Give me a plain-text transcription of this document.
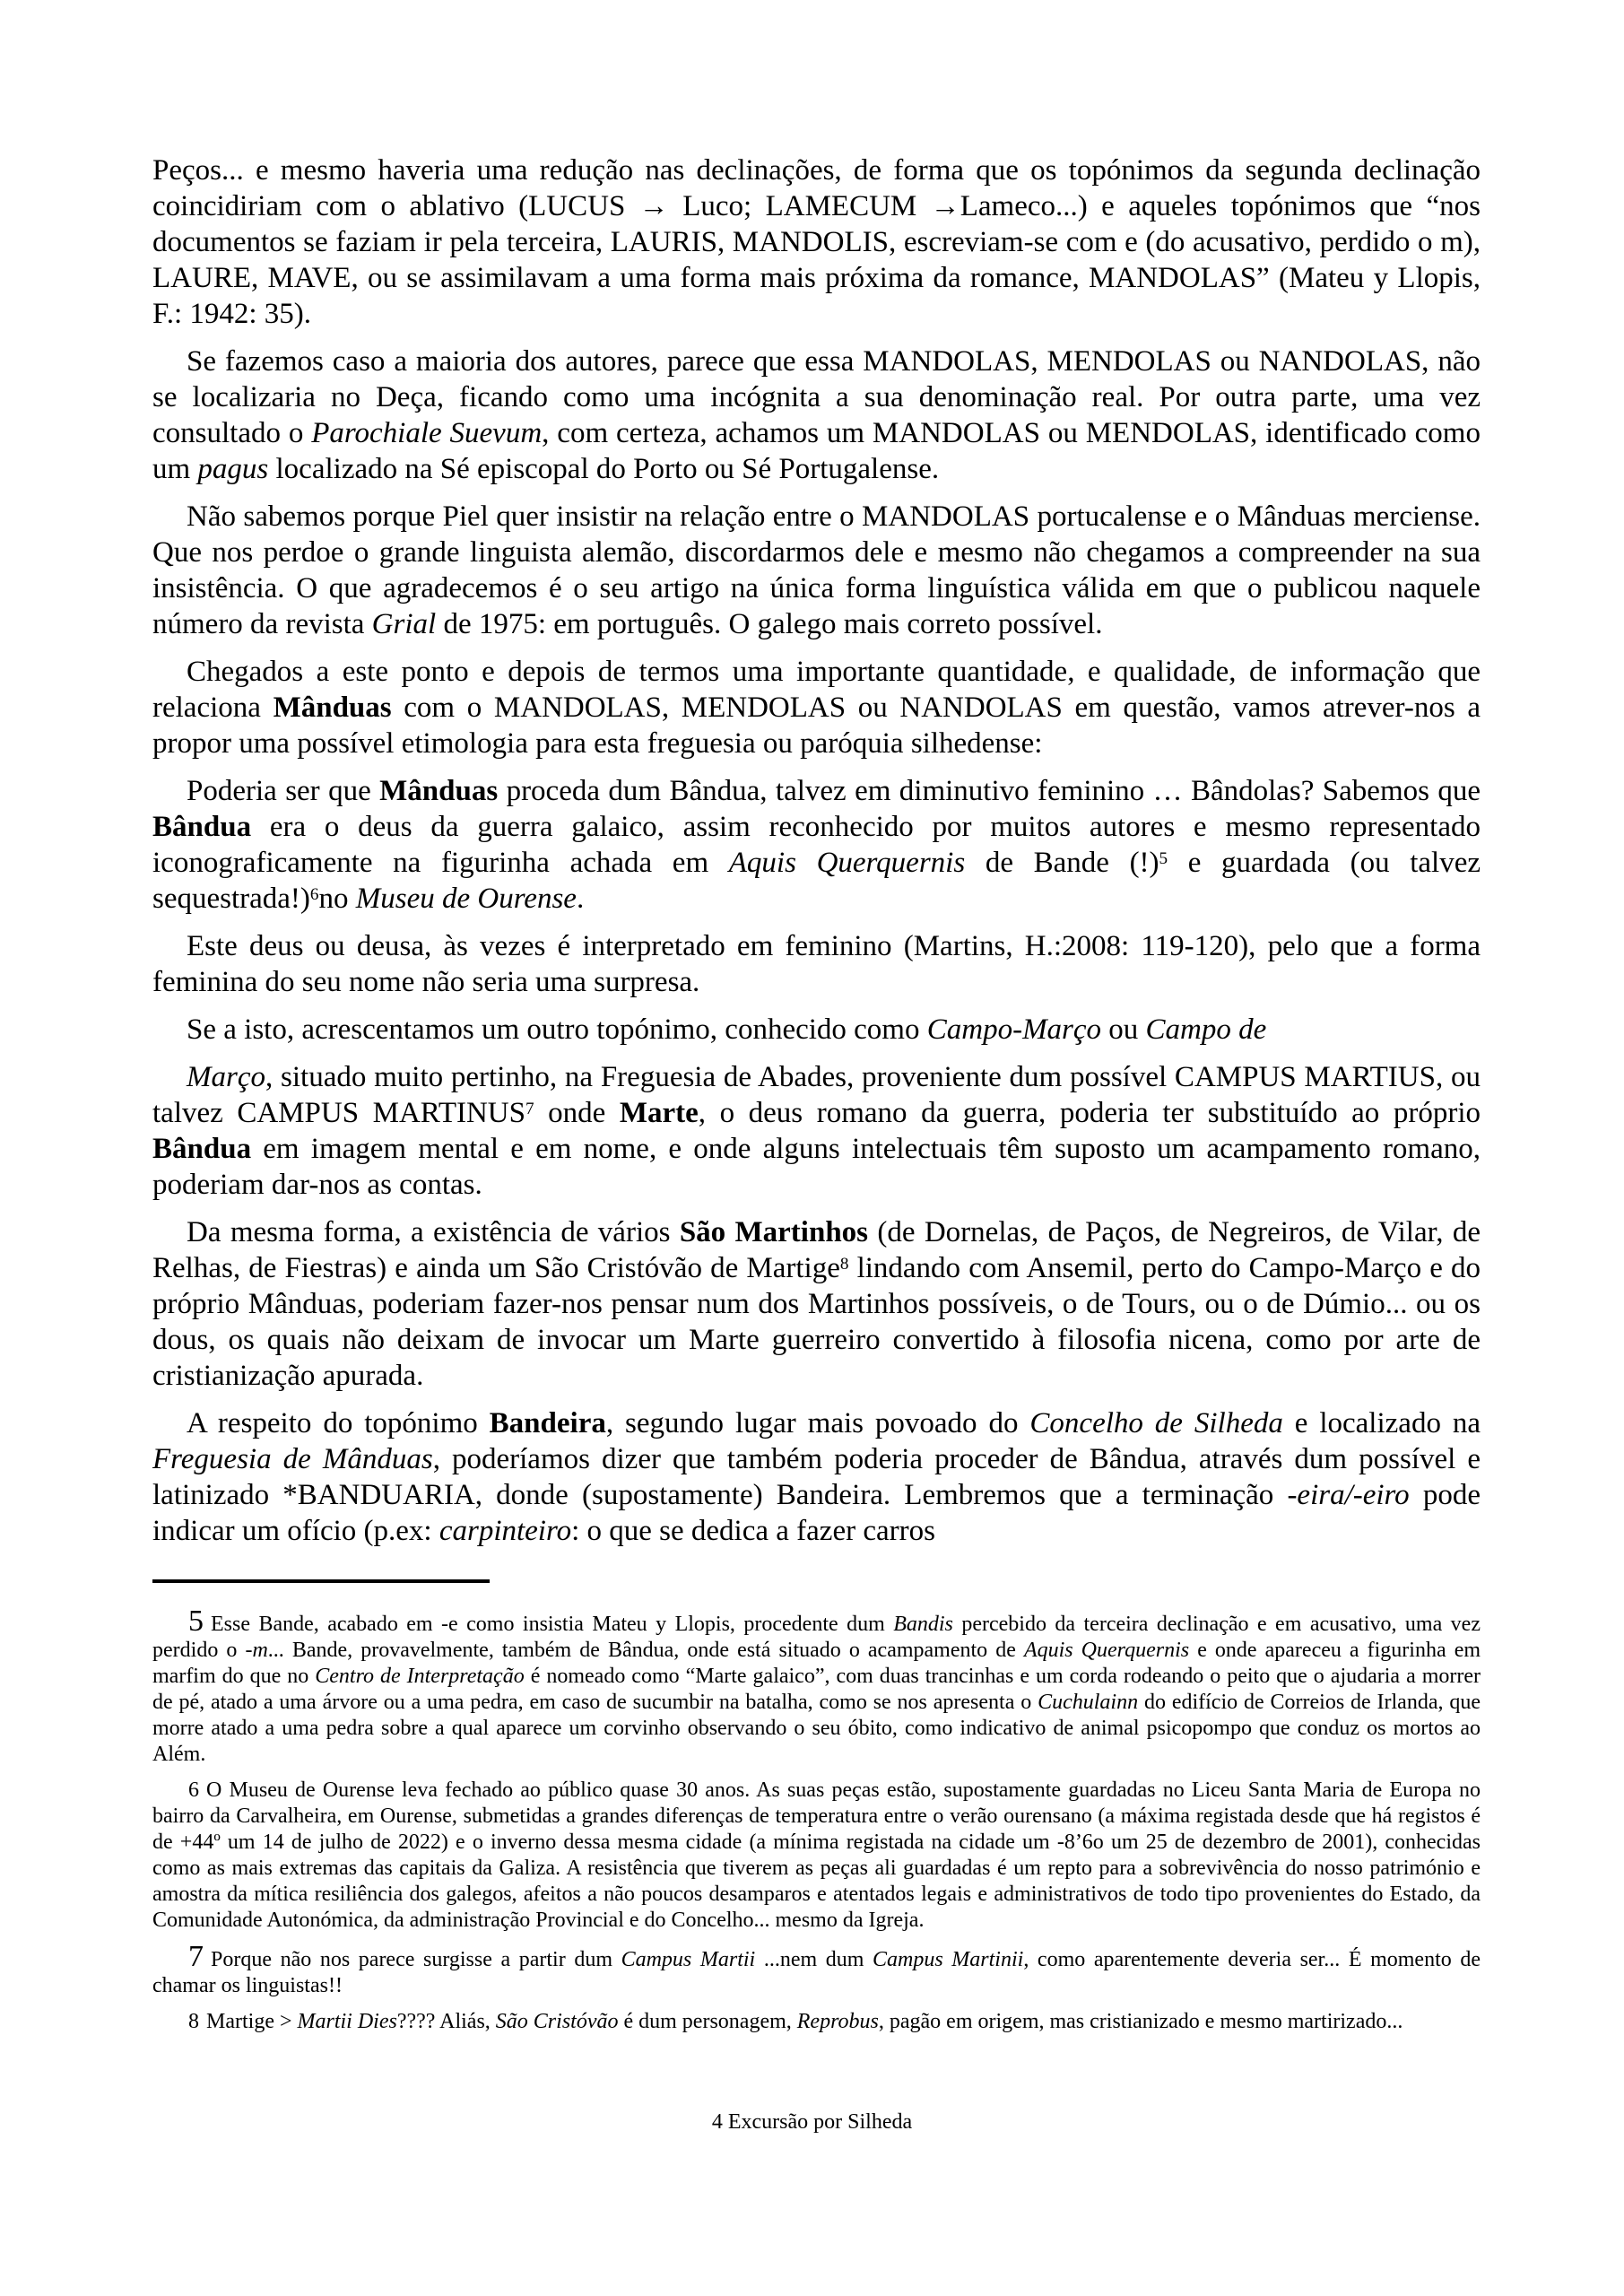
Peços... e mesmo haveria uma redução nas declinações, de forma que os topónimos da segunda declinação coincidiriam com o ablativo (LUCUS → Luco; LAMECUM →Lameco...) e aqueles topónimos que “nos documentos se faziam ir pela terceira, LAURIS, MANDOLIS, escreviam-se com e (do acusativo, perdido o m), LAURE, MAVE, ou se assimilavam a uma forma mais próxima da romance, MANDOLAS” (Mateu y Llopis, F.: 1942: 35).

Se fazemos caso a maioria dos autores, parece que essa MANDOLAS, MENDOLAS ou NANDOLAS, não se localizaria no Deça, ficando como uma incógnita a sua denominação real. Por outra parte, uma vez consultado o Parochiale Suevum, com certeza, achamos um MANDOLAS ou MENDOLAS, identificado como um pagus localizado na Sé episcopal do Porto ou Sé Portugalense.

Não sabemos porque Piel quer insistir na relação entre o MANDOLAS portucalense e o Mânduas merciense. Que nos perdoe o grande linguista alemão, discordarmos dele e mesmo não chegamos a compreender na sua insistência. O que agradecemos é o seu artigo na única forma linguística válida em que o publicou naquele número da revista Grial de 1975: em português. O galego mais correto possível.

Chegados a este ponto e depois de termos uma importante quantidade, e qualidade, de informação que relaciona Mânduas com o MANDOLAS, MENDOLAS ou NANDOLAS em questão, vamos atrever-nos a propor uma possível etimologia para esta freguesia ou paróquia silhedense:

Poderia ser que Mânduas proceda dum Bândua, talvez em diminutivo feminino … Bândolas? Sabemos que Bândua era o deus da guerra galaico, assim reconhecido por muitos autores e mesmo representado iconograficamente na figurinha achada em Aquis Querquernis de Bande (!)$^5$ e guardada (ou talvez sequestrada!)$^6$no Museu de Ourense.

Este deus ou deusa, às vezes é interpretado em feminino (Martins, H.:2008: 119-120), pelo que a forma feminina do seu nome não seria uma surpresa.

Se a isto, acrescentamos um outro topónimo, conhecido como Campo-Março ou Campo de

Março, situado muito pertinho, na Freguesia de Abades, proveniente dum possível CAMPUS MARTIUS, ou talvez CAMPUS MARTINUS$^7$ onde Marte, o deus romano da guerra, poderia ter substituído ao próprio Bândua em imagem mental e em nome, e onde alguns intelectuais têm suposto um acampamento romano, poderiam dar-nos as contas.

Da mesma forma, a existência de vários São Martinhos (de Dornelas, de Paços, de Negreiros, de Vilar, de Relhas, de Fiestras) e ainda um São Cristóvão de Martige$^8$ lindando com Ansemil, perto do Campo-Março e do próprio Mânduas, poderiam fazer-nos pensar num dos Martinhos possíveis, o de Tours, ou o de Dúmio... ou os dous, os quais não deixam de invocar um Marte guerreiro convertido à filosofia nicena, como por arte de cristianização apurada.

A respeito do topónimo Bandeira, segundo lugar mais povoado do Concelho de Silheda e localizado na Freguesia de Mânduas, poderíamos dizer que também poderia proceder de Bândua, através dum possível e latinizado *BANDUARIA, donde (supostamente) Bandeira. Lembremos que a terminação -eira/-eiro pode indicar um ofício (p.ex: carpinteiro: o que se dedica a fazer carros

5 Esse Bande, acabado em -e como insistia Mateu y Llopis, procedente dum Bandis percebido da terceira declinação e em acusativo, uma vez perdido o -m... Bande, provavelmente, também de Bândua, onde está situado o acampamento de Aquis Querquernis e onde apareceu a figurinha em marfim do que no Centro de Interpretação é nomeado como “Marte galaico”, com duas trancinhas e um corda rodeando o peito que o ajudaria a morrer de pé, atado a uma árvore ou a uma pedra, em caso de sucumbir na batalha, como se nos apresenta o Cuchulainn do edifício de Correios de Irlanda, que morre atado a uma pedra sobre a qual aparece um corvinho observando o seu óbito, como indicativo de animal psicopompo que conduz os mortos ao Além.

6 O Museu de Ourense leva fechado ao público quase 30 anos. As suas peças estão, supostamente guardadas no Liceu Santa Maria de Europa no bairro da Carvalheira, em Ourense, submetidas a grandes diferenças de temperatura entre o verão ourensano (a máxima registada desde que há registos é de +44º um 14 de julho de 2022) e o inverno dessa mesma cidade (a mínima registada na cidade um -8’6o um 25 de dezembro de 2001), conhecidas como as mais extremas das capitais da Galiza. A resistência que tiverem as peças ali guardadas é um repto para a sobrevivência do nosso património e amostra da mítica resiliência dos galegos, afeitos a não poucos desamparos e atentados legais e administrativos de todo tipo provenientes do Estado, da Comunidade Autonómica, da administração Provincial e do Concelho... mesmo da Igreja.

7 Porque não nos parece surgisse a partir dum Campus Martii ...nem dum Campus Martinii, como aparentemente deveria ser... É momento de chamar os linguistas!!

8 Martige > Martii Dies???? Aliás, São Cristóvão é dum personagem, Reprobus, pagão em origem, mas cristianizado e mesmo martirizado...

4 Excursão por Silheda
